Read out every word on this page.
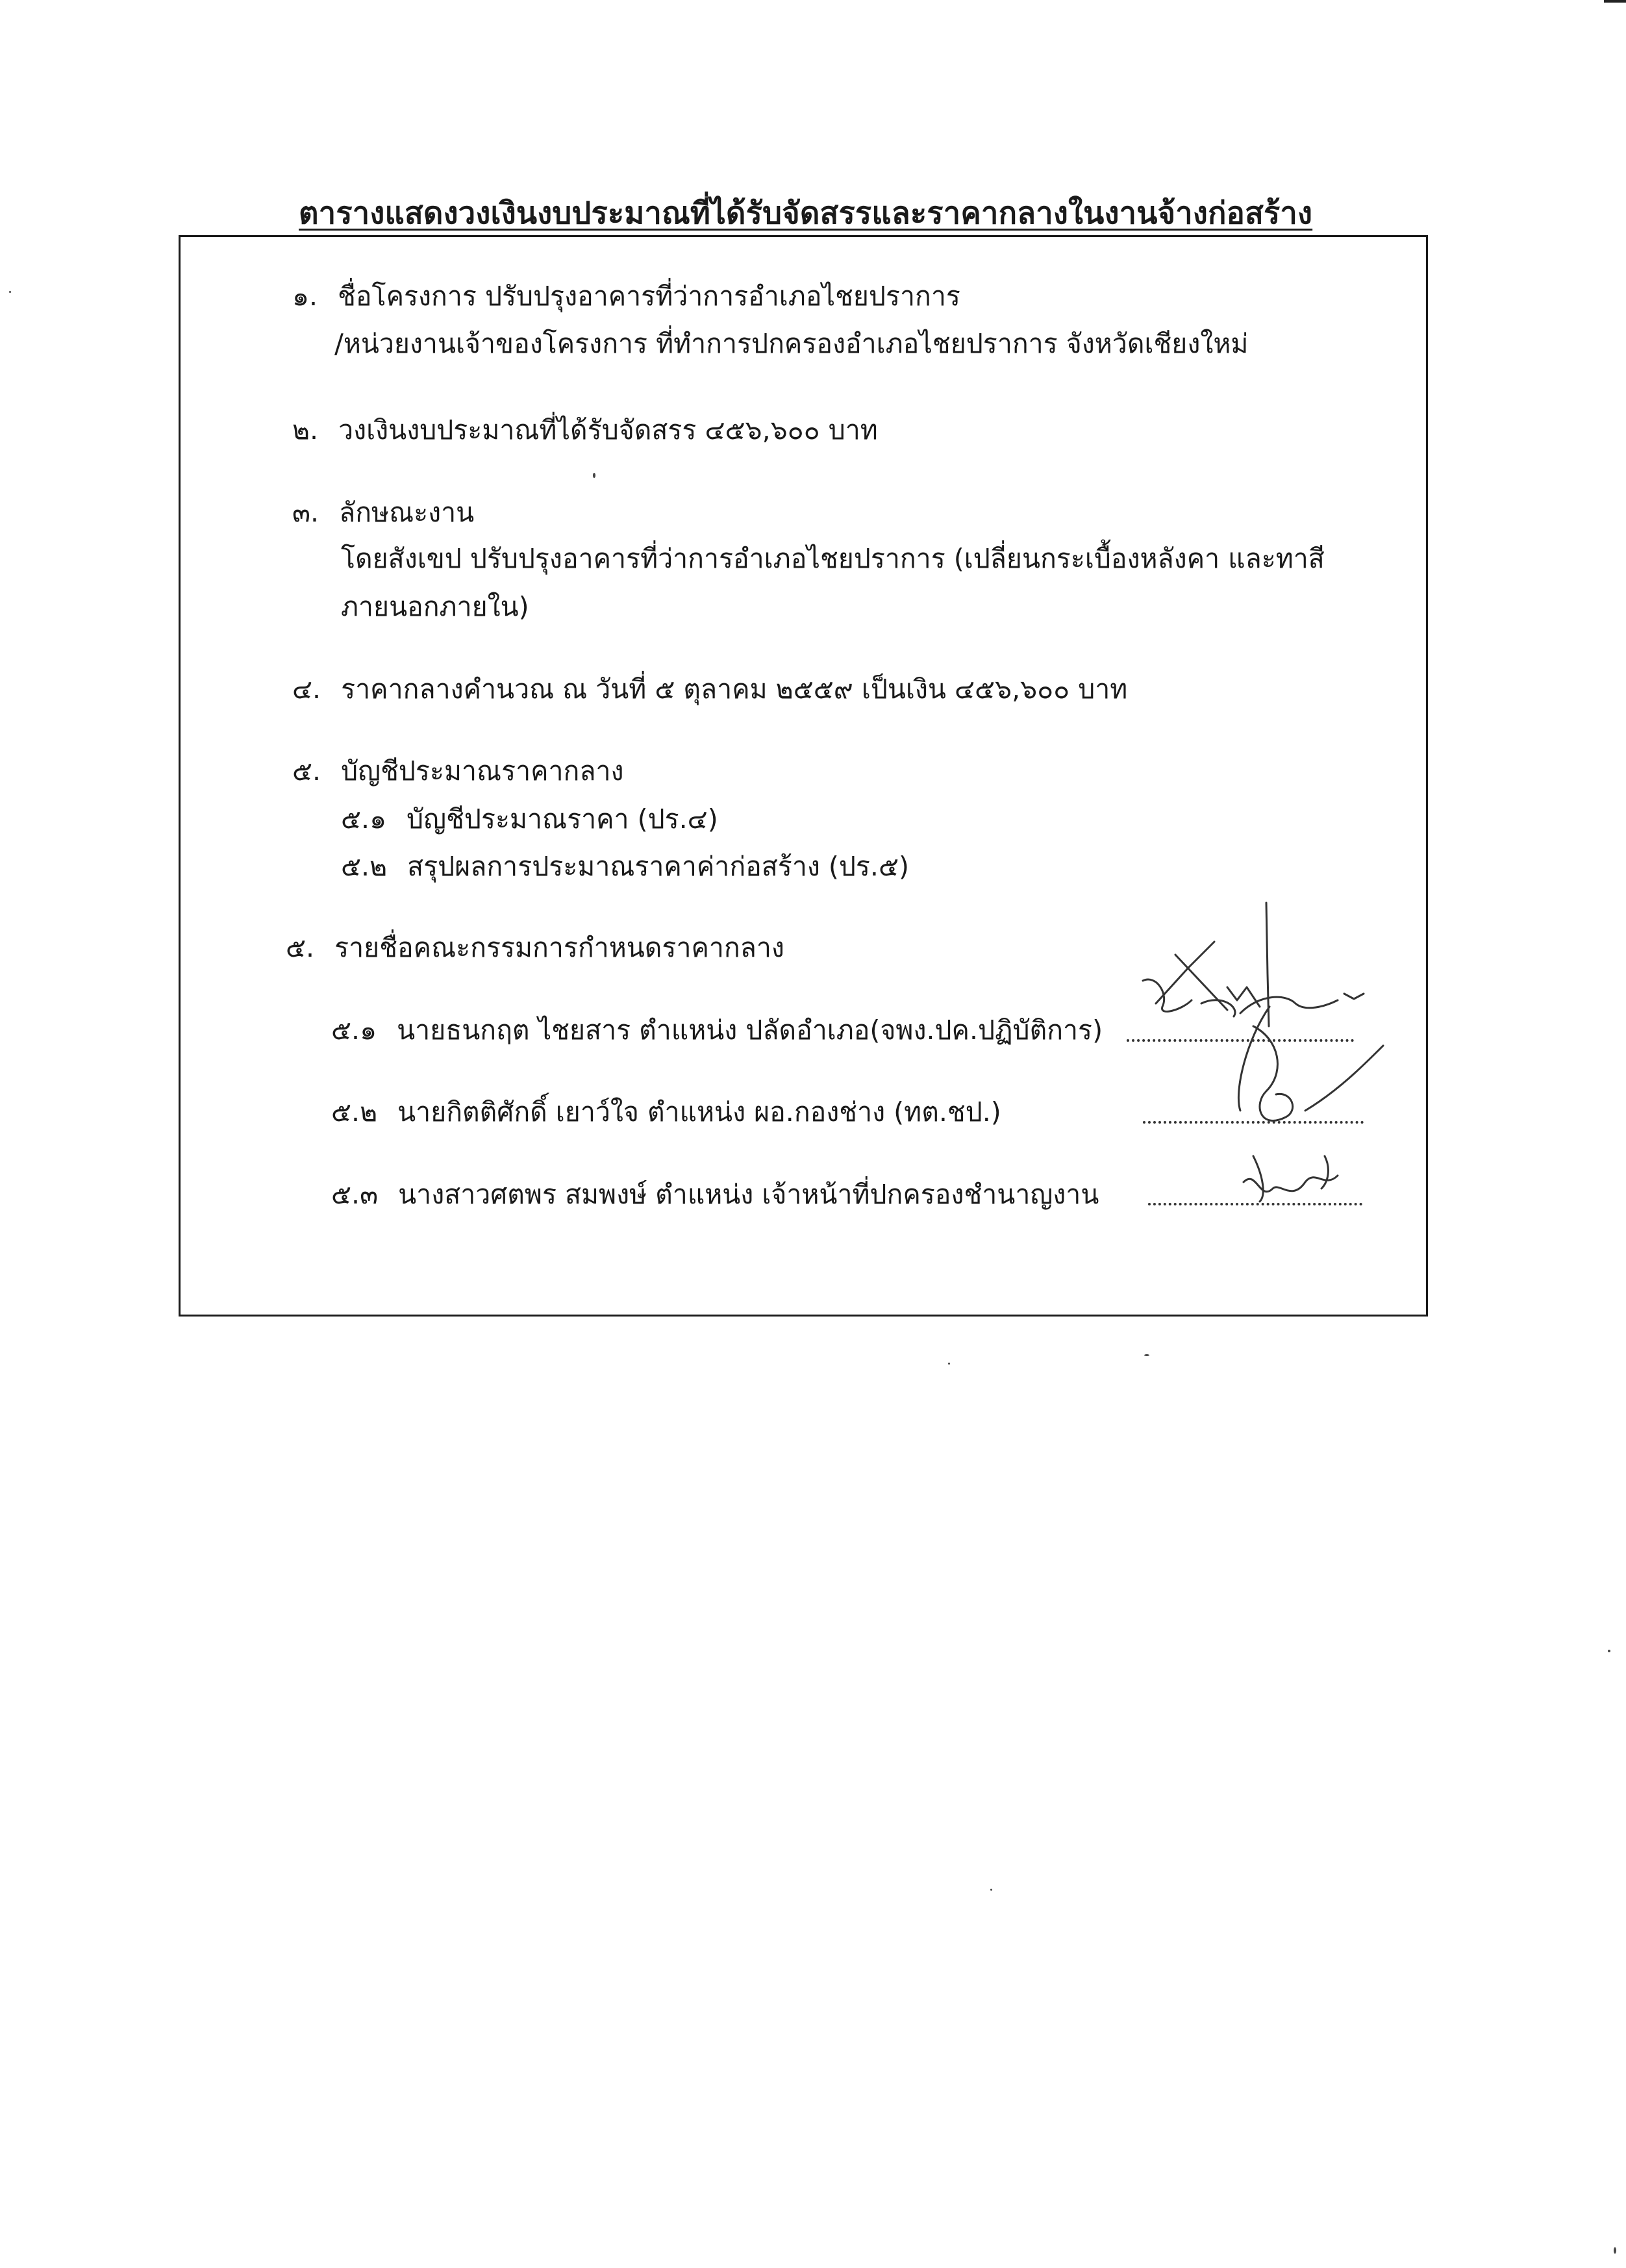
ตารางแสดงวงเงินงบประมาณที่ได้รับจัดสรรและราคากลางในงานจ้างก่อสร้าง
๑. ชื่อโครงการ ปรับปรุงอาคารที่ว่าการอำเภอไชยปราการ
/หน่วยงานเจ้าของโครงการ ที่ทำการปกครองอำเภอไชยปราการ จังหวัดเชียงใหม่
๒. วงเงินงบประมาณที่ได้รับจัดสรร ๔๕๖,๖๐๐ บาท
๓. ลักษณะงาน
โดยสังเขป ปรับปรุงอาคารที่ว่าการอำเภอไชยปราการ (เปลี่ยนกระเบื้องหลังคา และทาสี
ภายนอกภายใน)
๔. ราคากลางคำนวณ ณ วันที่ ๕ ตุลาคม ๒๕๕๙ เป็นเงิน ๔๕๖,๖๐๐ บาท
๕. บัญชีประมาณราคากลาง
๕.๑ บัญชีประมาณราคา (ปร.๔)
๕.๒ สรุปผลการประมาณราคาค่าก่อสร้าง (ปร.๕)
๕. รายชื่อคณะกรรมการกำหนดราคากลาง
๕.๑ นายธนกฤต ไชยสาร ตำแหน่ง ปลัดอำเภอ(จพง.ปค.ปฏิบัติการ)
๕.๒ นายกิตติศักดิ์ เยาว์ใจ ตำแหน่ง ผอ.กองช่าง (ทต.ชป.)
๕.๓ นางสาวศตพร สมพงษ์ ตำแหน่ง เจ้าหน้าที่ปกครองชำนาญงาน
